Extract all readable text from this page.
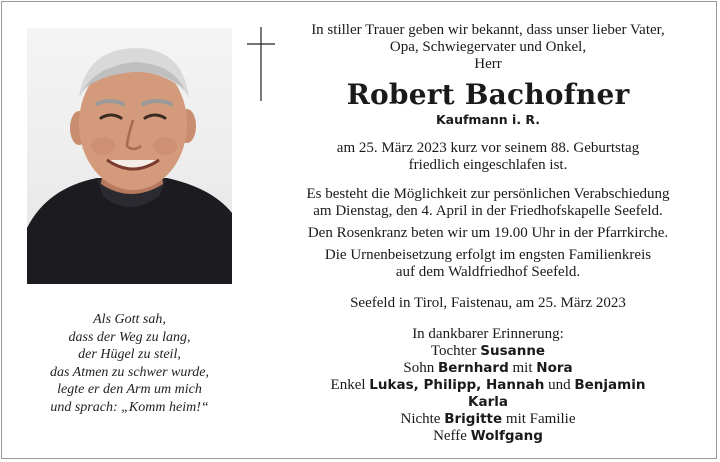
In stiller Trauer geben wir bekannt, dass unser lieber Vater,

Opa, Schwiegervater und Onkel,

Herr

Robert Bachofner

Kaufmann i. R.

am 25. März 2023 kurz vor seinem 88. Geburtstag

friedlich eingeschlafen ist.

Es besteht die Möglichkeit zur persönlichen Verabschiedung

am Dienstag, den 4. April in der Friedhofskapelle Seefeld.

Den Rosenkranz beten wir um 19.00 Uhr in der Pfarrkirche.

Die Urnenbeisetzung erfolgt im engsten Familienkreis

auf dem Waldfriedhof Seefeld.

Seefeld in Tirol, Faistenau, am 25. März 2023

In dankbarer Erinnerung:

Tochter Susanne

Sohn Bernhard mit Nora

Enkel Lukas, Philipp, Hannah und Benjamin

Karla

Nichte Brigitte mit Familie

Neffe Wolfgang

Als Gott sah,

dass der Weg zu lang,

der Hügel zu steil,

das Atmen zu schwer wurde,

legte er den Arm um mich

und sprach: „Komm heim!“
